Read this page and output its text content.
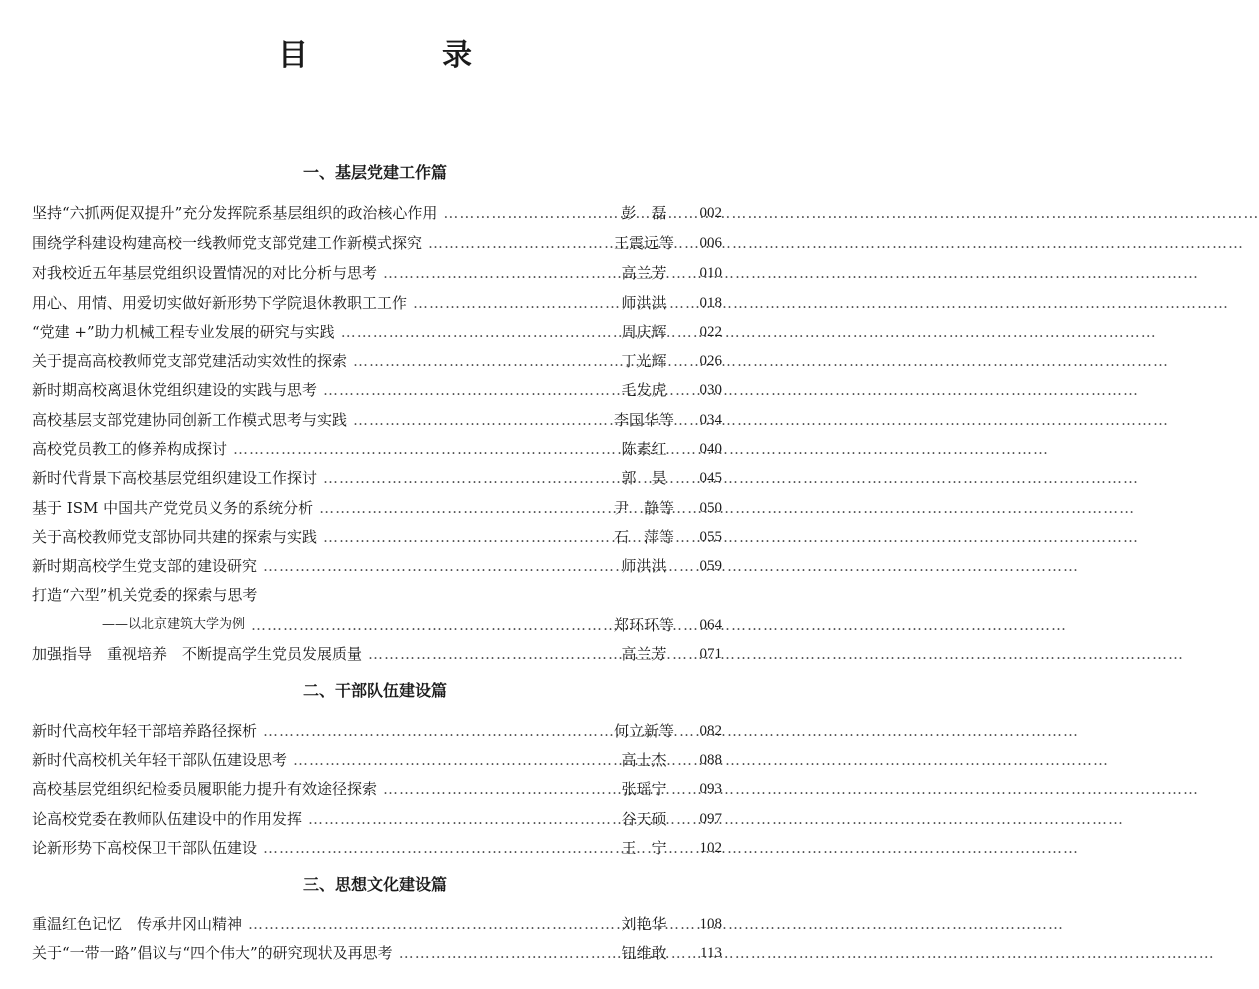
目　录
一、基层党建工作篇
坚持“六抓两促双提升”充分发挥院系基层组织的政治核心作用 ………………………………………………………………………………………………………………………………………	彭　磊	002
围绕学科建设构建高校一线教师党支部党建工作新模式探究 ………………………………………………………………………………………………………………………………………	王震远等	006
对我校近五年基层党组织设置情况的对比分析与思考 ………………………………………………………………………………………………………………………………………	高兰芳	010
用心、用情、用爱切实做好新形势下学院退休教职工工作 ………………………………………………………………………………………………………………………………………	师洪洪	018
“党建 +”助力机械工程专业发展的研究与实践 ………………………………………………………………………………………………………………………………………	周庆辉	022
关于提高高校教师党支部党建活动实效性的探索 ………………………………………………………………………………………………………………………………………	丁光辉	026
新时期高校离退休党组织建设的实践与思考 ………………………………………………………………………………………………………………………………………	毛发虎	030
高校基层支部党建协同创新工作模式思考与实践 ………………………………………………………………………………………………………………………………………	李国华等	034
高校党员教工的修养构成探讨 ………………………………………………………………………………………………………………………………………	陈素红	040
新时代背景下高校基层党组织建设工作探讨 ………………………………………………………………………………………………………………………………………	郭　昊	045
基于 ISM 中国共产党党员义务的系统分析 ………………………………………………………………………………………………………………………………………	尹　静等	050
关于高校教师党支部协同共建的探索与实践 ………………………………………………………………………………………………………………………………………	石　萍等	055
新时期高校学生党支部的建设研究 ………………………………………………………………………………………………………………………………………	师洪洪	059
打造“六型”机关党委的探索与思考
——以北京建筑大学为例 ………………………………………………………………………………………………………………………………………	郑环环等	064
加强指导　重视培养　不断提高学生党员发展质量 ………………………………………………………………………………………………………………………………………	高兰芳	071
二、干部队伍建设篇
新时代高校年轻干部培养路径探析 ………………………………………………………………………………………………………………………………………	何立新等	082
新时代高校机关年轻干部队伍建设思考 ………………………………………………………………………………………………………………………………………	高士杰	088
高校基层党组织纪检委员履职能力提升有效途径探索 ………………………………………………………………………………………………………………………………………	张瑶宁	093
论高校党委在教师队伍建设中的作用发挥 ………………………………………………………………………………………………………………………………………	谷天硕	097
论新形势下高校保卫干部队伍建设 ………………………………………………………………………………………………………………………………………	王　宁	102
三、思想文化建设篇
重温红色记忆　传承井冈山精神 ………………………………………………………………………………………………………………………………………	刘艳华	108
关于“一带一路”倡议与“四个伟大”的研究现状及再思考 ………………………………………………………………………………………………………………………………………	钮维敢	113
